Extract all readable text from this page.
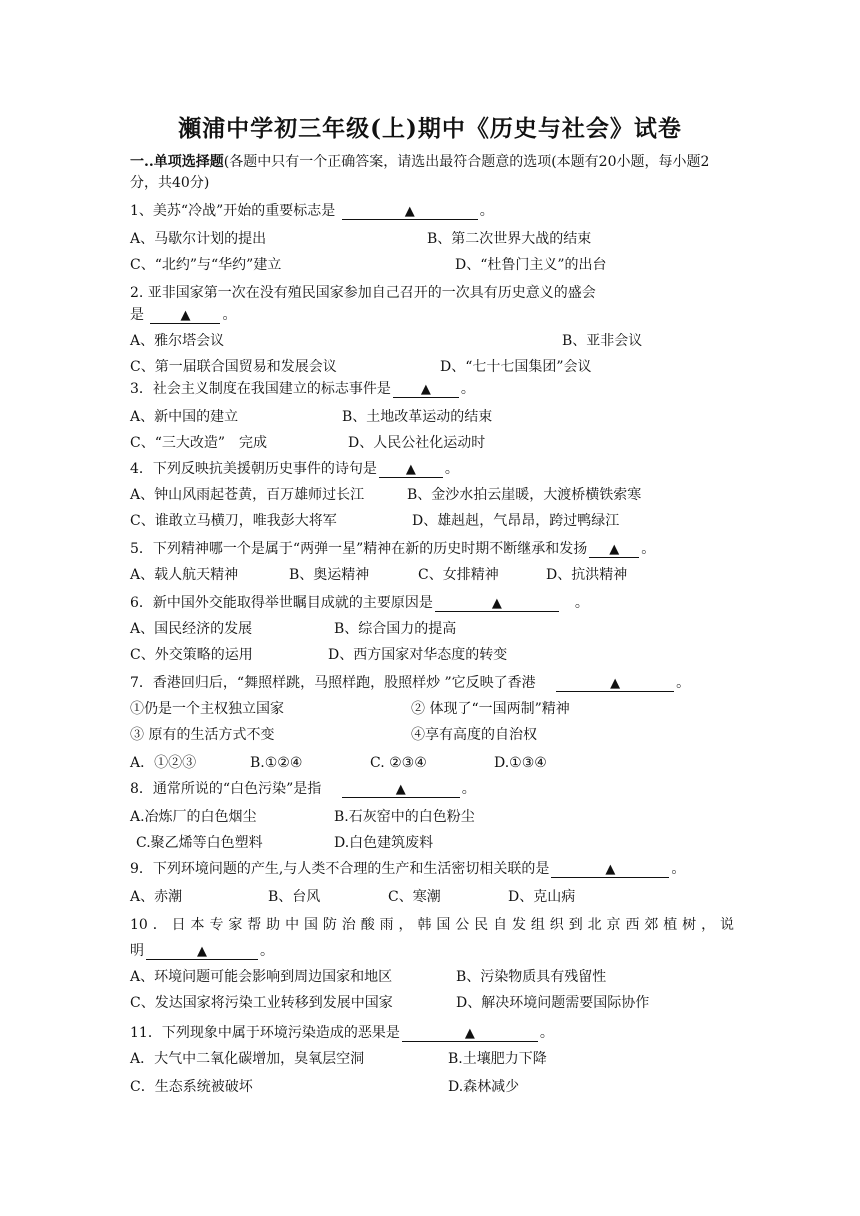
瀬浦中学初三年级(上)期中《历史与社会》试卷
一..单项选择题(各题中只有一个正确答案，请选出最符合题意的选项(本题有20小题，每小题2分，共40分)
1、美苏“冷战”开始的重要标志是	▲	。
A、马歇尔计划的提出	B、第二次世界大战的结束
C、“北约”与“华约”建立	D、“杜鲁门主义”的出台
2. 亚非国家第一次在没有殖民国家参加自己召开的一次具有历史意义的盛会
是	▲ 。
A、雅尔塔会议	B、亚非会议
C、第一届联合国贸易和发展会议	D、“七十七国集团”会议
3．社会主义制度在我国建立的标志事件是 ▲ 。
A、新中国的建立	B、土地改革运动的结束
C、“三大改造”　完成	D、人民公社化运动时
4．下列反映抗美援朝历史事件的诗句是 ▲ 。
A、钟山风雨起苍黄，百万雄师过长江	B、金沙水拍云崖暖，大渡桥横铁索寒
C、谁敢立马横刀，唯我彭大将军	D、雄赳赳，气昂昂，跨过鸭绿江
5．下列精神哪一个是属于“两弹一星”精神在新的历史时期不断继承和发扬 ▲ 。
A、载人航天精神	B、奥运精神	C、女排精神	D、抗洪精神
6．新中国外交能取得举世瞩目成就的主要原因是	▲	　。
A、国民经济的发展	B、综合国力的提高
C、外交策略的运用	D、西方国家对华态度的转变
7．香港回归后，“舞照样跳，马照样跑，股照样炒 ”它反映了香港	▲	。
①仍是一个主权独立国家	② 体现了“一国两制”精神
③ 原有的生活方式不变	④享有高度的自治权
A．①②③	B.①②④	C. ②③④	D.①③④
8．通常所说的“白色污染”是指	▲	。
A.冶炼厂的白色烟尘	B.石灰窑中的白色粉尘
C.聚乙烯等白色塑料	D.白色建筑废料
9．下列环境问题的产生,与人类不合理的生产和生活密切相关联的是	▲	。
A、赤潮	B、台风	C、寒潮	D、克山病
10．日本专家帮助中国防治酸雨，韩国公民自发组织到北京西郊植树，说
明	▲	。
A、环境问题可能会影响到周边国家和地区	B、污染物质具有残留性
C、发达国家将污染工业转移到发展中国家	D、解决环境问题需要国际协作
11．下列现象中属于环境污染造成的恶果是	▲	。
A．大气中二氧化碳增加，臭氧层空洞	B.土壤肥力下降
C．生态系统被破坏	D.森林减少
